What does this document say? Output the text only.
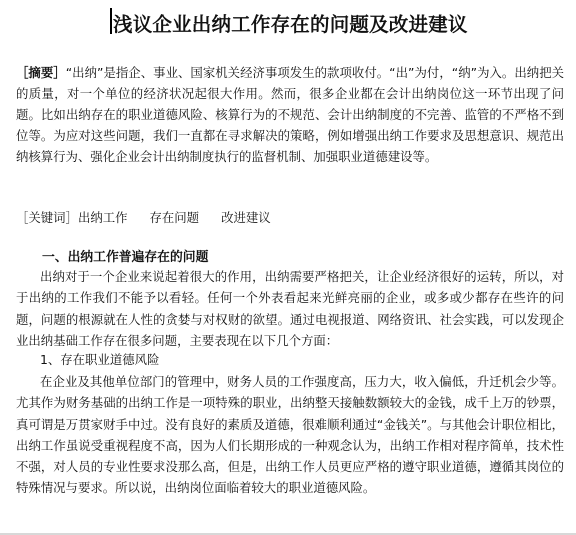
浅议企业出纳工作存在的问题及改进建议
［摘要］“出纳”是指企、事业、国家机关经济事项发生的款项收付。“出”为付，“纳”为入。出纳把关的质量，对一个单位的经济状况起很大作用。然而，很多企业都在会计出纳岗位这一环节出现了问题。比如出纳存在的职业道德风险、核算行为的不规范、会计出纳制度的不完善、监管的不严格不到位等。为应对这些问题，我们一直都在寻求解决的策略，例如增强出纳工作要求及思想意识、规范出纳核算行为、强化企业会计出纳制度执行的监督机制、加强职业道德建设等。
［关键词］出纳工作 存在问题 改进建议
一、出纳工作普遍存在的问题
出纳对于一个企业来说起着很大的作用，出纳需要严格把关，让企业经济很好的运转，所以，对于出纳的工作我们不能予以看轻。任何一个外表看起来光鲜亮丽的企业，或多或少都存在些许的问题，问题的根源就在人性的贪婪与对权财的欲望。通过电视报道、网络资讯、社会实践，可以发现企业出纳基础工作存在很多问题，主要表现在以下几个方面：
1、存在职业道德风险
在企业及其他单位部门的管理中，财务人员的工作强度高，压力大，收入偏低，升迁机会少等。尤其作为财务基础的出纳工作是一项特殊的职业，出纳整天接触数额较大的金钱，成千上万的钞票，真可谓是万贯家财手中过。没有良好的素质及道德，很难顺利通过“金钱关”。与其他会计职位相比，出纳工作虽说受重视程度不高，因为人们长期形成的一种观念认为，出纳工作相对程序简单，技术性不强，对人员的专业性要求没那么高，但是，出纳工作人员更应严格的遵守职业道德，遵循其岗位的特殊情况与要求。所以说，出纳岗位面临着较大的职业道德风险。
